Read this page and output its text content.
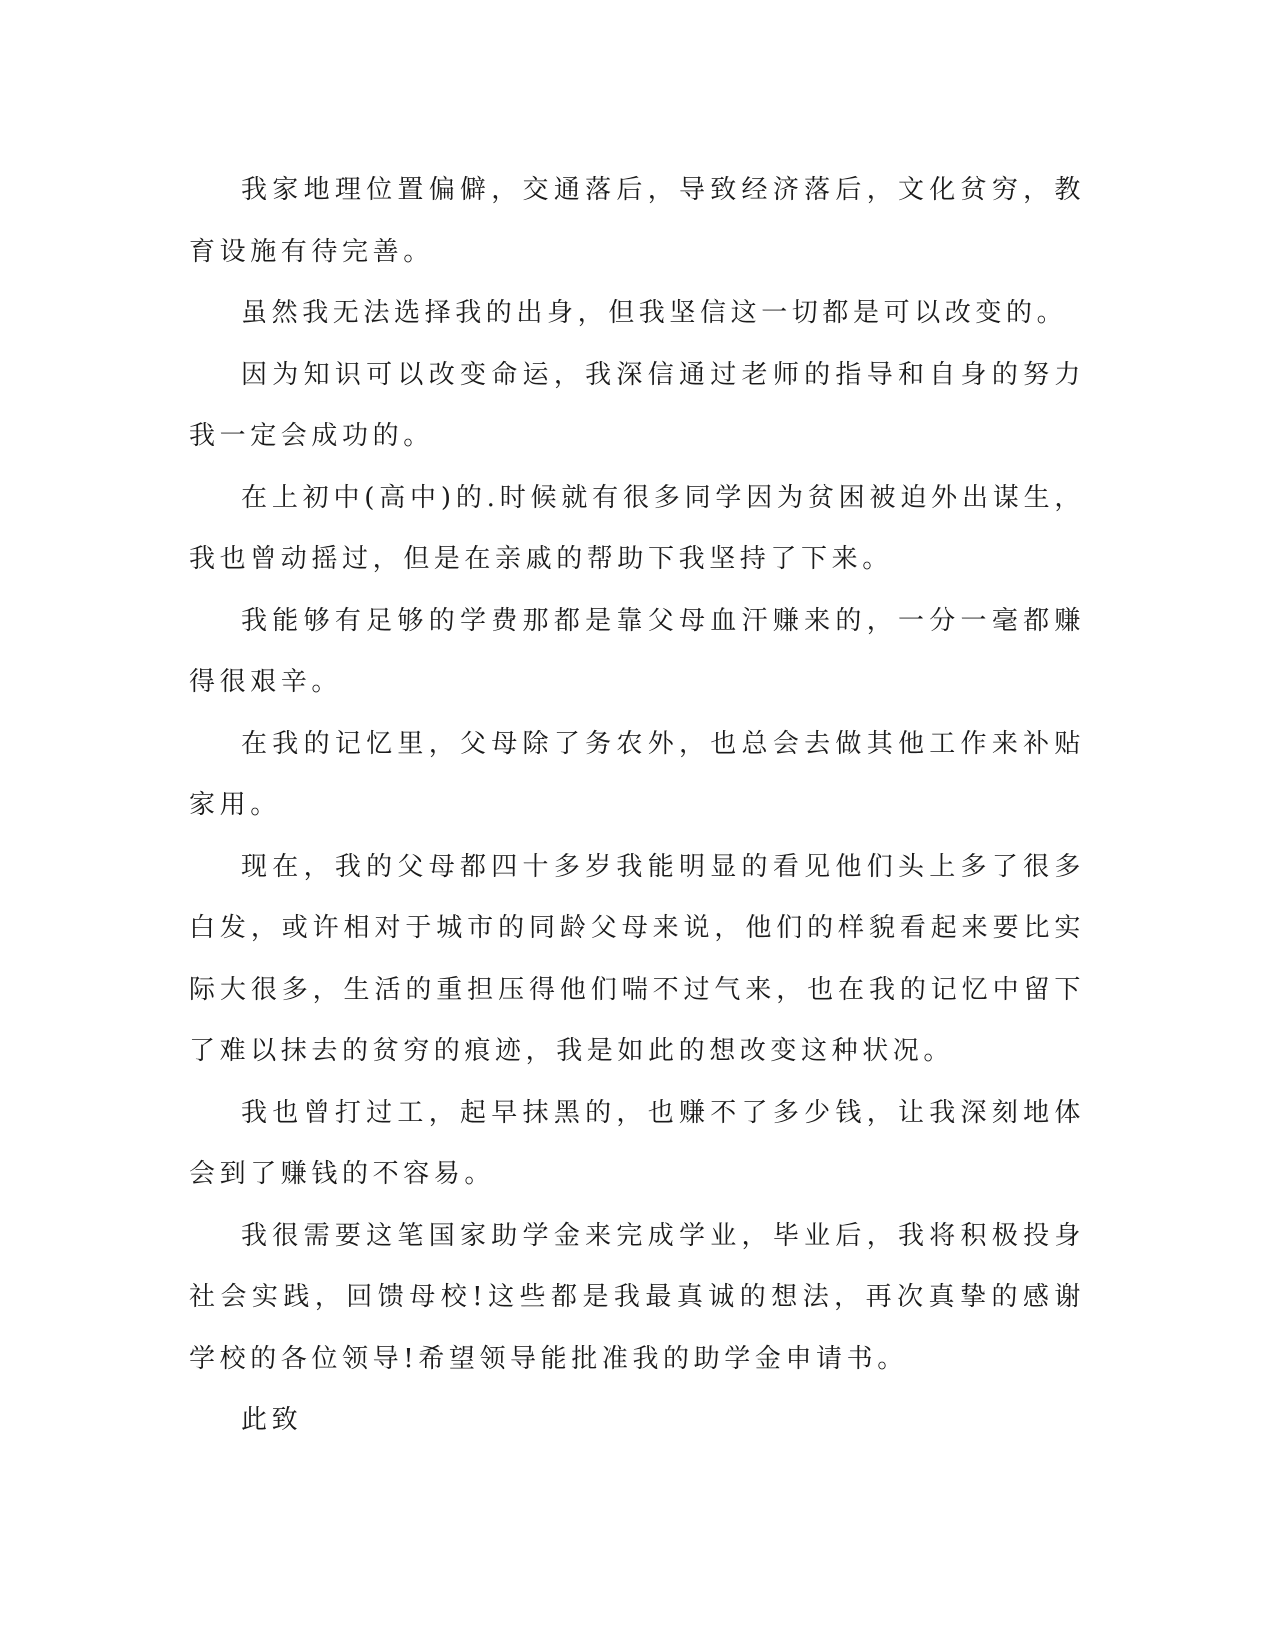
我家地理位置偏僻，交通落后，导致经济落后，文化贫穷，教育设施有待完善。

虽然我无法选择我的出身，但我坚信这一切都是可以改变的。

因为知识可以改变命运，我深信通过老师的指导和自身的努力我一定会成功的。

在上初中(高中)的.时候就有很多同学因为贫困被迫外出谋生，我也曾动摇过，但是在亲戚的帮助下我坚持了下来。

我能够有足够的学费那都是靠父母血汗赚来的，一分一毫都赚得很艰辛。

在我的记忆里，父母除了务农外，也总会去做其他工作来补贴家用。

现在，我的父母都四十多岁我能明显的看见他们头上多了很多白发，或许相对于城市的同龄父母来说，他们的样貌看起来要比实际大很多，生活的重担压得他们喘不过气来，也在我的记忆中留下了难以抹去的贫穷的痕迹，我是如此的想改变这种状况。

我也曾打过工，起早抹黑的，也赚不了多少钱，让我深刻地体会到了赚钱的不容易。

我很需要这笔国家助学金来完成学业，毕业后，我将积极投身社会实践，回馈母校!这些都是我最真诚的想法，再次真挚的感谢学校的各位领导!希望领导能批准我的助学金申请书。

此致
